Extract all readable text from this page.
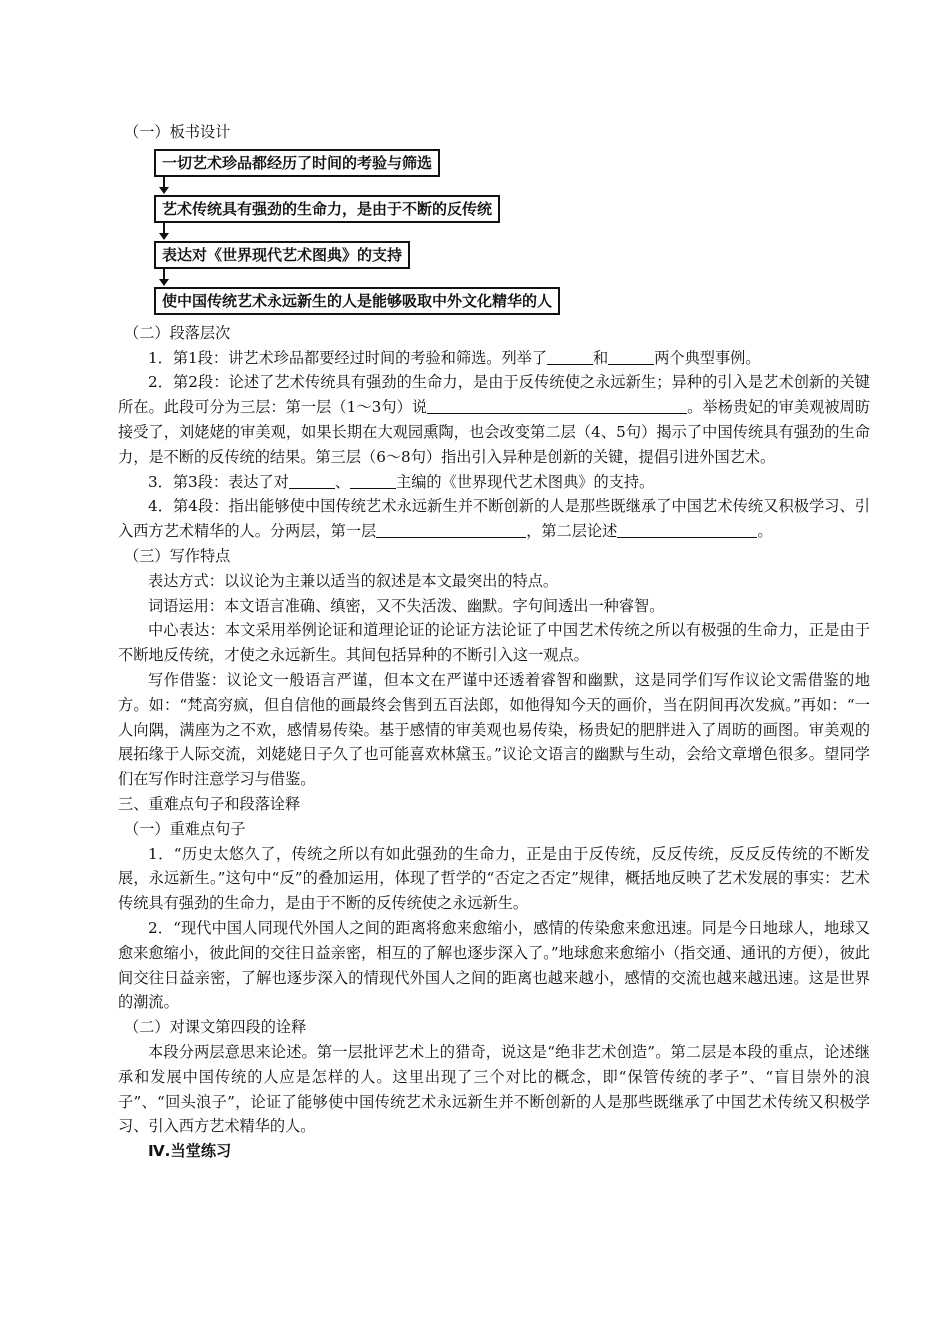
（一）板书设计

一切艺术珍品都经历了时间的考验与筛选
艺术传统具有强劲的生命力，是由于不断的反传统
表达对《世界现代艺术图典》的支持
使中国传统艺术永远新生的人是能够吸取中外文化精华的人

（二）段落层次

1．第1段：讲艺术珍品都要经过时间的考验和筛选。列举了	和	两个典型事例。

2．第2段：论述了艺术传统具有强劲的生命力，是由于反传统使之永远新生；异种的引入是艺术创新的关键所在。此段可分为三层：第一层（1～3句）说	。举杨贵妃的审美观被周昉接受了，刘姥姥的审美观，如果长期在大观园熏陶，也会改变第二层（4、5句）揭示了中国传统具有强劲的生命力，是不断的反传统的结果。第三层（6～8句）指出引入异种是创新的关键，提倡引进外国艺术。

3．第3段：表达了对	、	主编的《世界现代艺术图典》的支持。

4．第4段：指出能够使中国传统艺术永远新生并不断创新的人是那些既继承了中国艺术传统又积极学习、引入西方艺术精华的人。分两层，第一层	，第二层论述	。

（三）写作特点

表达方式：以议论为主兼以适当的叙述是本文最突出的特点。

词语运用：本文语言准确、缜密，又不失活泼、幽默。字句间透出一种睿智。

中心表达：本文采用举例论证和道理论证的论证方法论证了中国艺术传统之所以有极强的生命力，正是由于不断地反传统，才使之永远新生。其间包括异种的不断引入这一观点。

写作借鉴：议论文一般语言严谨，但本文在严谨中还透着睿智和幽默，这是同学们写作议论文需借鉴的地方。如：“梵高穷疯，但自信他的画最终会售到五百法郎，如他得知今天的画价，当在阴间再次发疯。”再如：“一人向隅，满座为之不欢，感情易传染。基于感情的审美观也易传染，杨贵妃的肥胖进入了周昉的画图。审美观的展拓缘于人际交流，刘姥姥日子久了也可能喜欢林黛玉。”议论文语言的幽默与生动，会给文章增色很多。望同学们在写作时注意学习与借鉴。

三、重难点句子和段落诠释

（一）重难点句子

1．“历史太悠久了，传统之所以有如此强劲的生命力，正是由于反传统，反反传统，反反反传统的不断发展，永远新生。”这句中“反”的叠加运用，体现了哲学的“否定之否定”规律，概括地反映了艺术发展的事实：艺术传统具有强劲的生命力，是由于不断的反传统使之永远新生。

2．“现代中国人同现代外国人之间的距离将愈来愈缩小，感情的传染愈来愈迅速。同是今日地球人，地球又愈来愈缩小，彼此间的交往日益亲密，相互的了解也逐步深入了。”地球愈来愈缩小（指交通、通讯的方便），彼此间交往日益亲密，了解也逐步深入的情现代外国人之间的距离也越来越小，感情的交流也越来越迅速。这是世界的潮流。

（二）对课文第四段的诠释

本段分两层意思来论述。第一层批评艺术上的猎奇，说这是“绝非艺术创造”。第二层是本段的重点，论述继承和发展中国传统的人应是怎样的人。这里出现了三个对比的概念，即“保管传统的孝子”、“盲目崇外的浪子”、“回头浪子”，论证了能够使中国传统艺术永远新生并不断创新的人是那些既继承了中国艺术传统又积极学习、引入西方艺术精华的人。

Ⅳ.当堂练习
